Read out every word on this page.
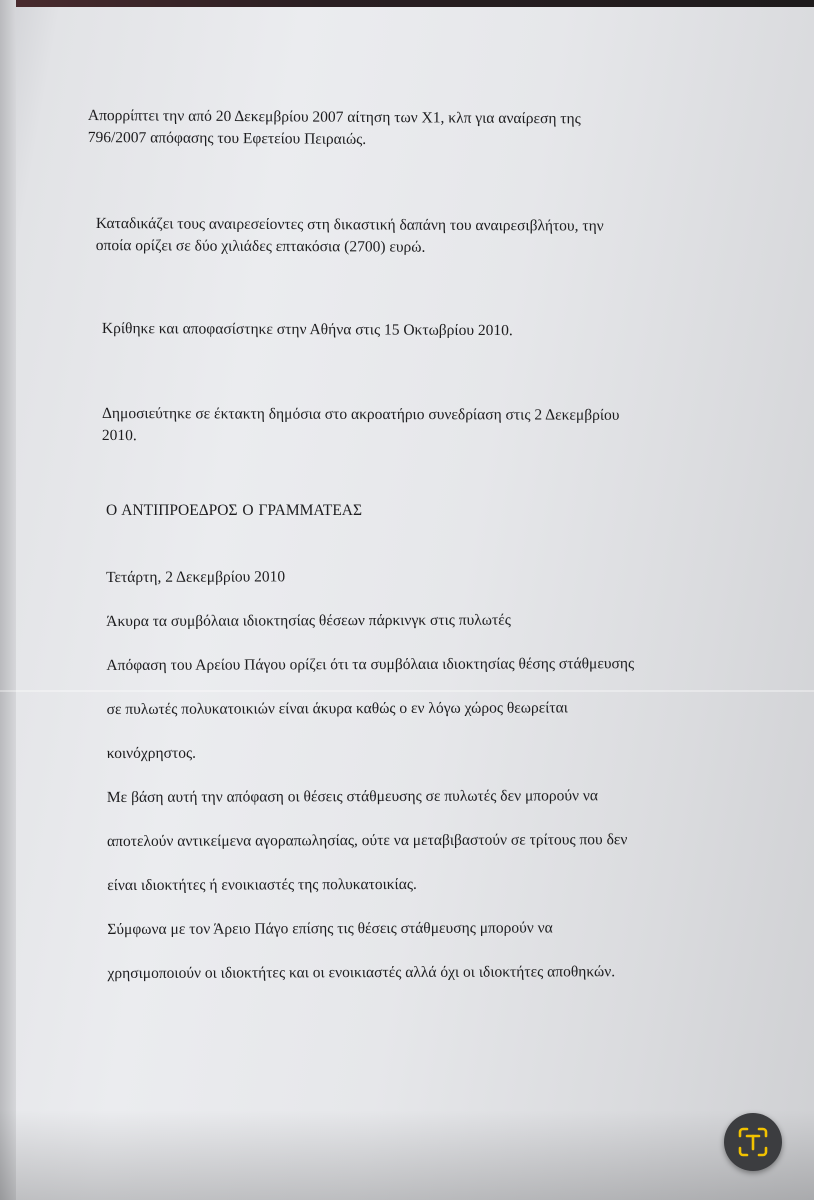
Απορρίπτει την από 20 Δεκεμβρίου 2007 αίτηση των Χ1, κλπ για αναίρεση της
796/2007 απόφασης του Εφετείου Πειραιώς.

Καταδικάζει τους αναιρεσείοντες στη δικαστική δαπάνη του αναιρεσιβλήτου, την
οποία ορίζει σε δύο χιλιάδες επτακόσια (2700) ευρώ.

Κρίθηκε και αποφασίστηκε στην Αθήνα στις 15 Οκτωβρίου 2010.

Δημοσιεύτηκε σε έκτακτη δημόσια στο ακροατήριο συνεδρίαση στις 2 Δεκεμβρίου
2010.

Ο ΑΝΤΙΠΡΟΕΔΡΟΣ Ο ΓΡΑΜΜΑΤΕΑΣ

Τετάρτη, 2 Δεκεμβρίου 2010

Άκυρα τα συμβόλαια ιδιοκτησίας θέσεων πάρκινγκ στις πυλωτές

Απόφαση του Αρείου Πάγου ορίζει ότι τα συμβόλαια ιδιοκτησίας θέσης στάθμευσης

σε πυλωτές πολυκατοικιών είναι άκυρα καθώς ο εν λόγω χώρος θεωρείται

κοινόχρηστος.

Με βάση αυτή την απόφαση οι θέσεις στάθμευσης σε πυλωτές δεν μπορούν να

αποτελούν αντικείμενα αγοραπωλησίας, ούτε να μεταβιβαστούν σε τρίτους που δεν

είναι ιδιοκτήτες ή ενοικιαστές της πολυκατοικίας.

Σύμφωνα με τον Άρειο Πάγο επίσης τις θέσεις στάθμευσης μπορούν να

χρησιμοποιούν οι ιδιοκτήτες και οι ενοικιαστές αλλά όχι οι ιδιοκτήτες αποθηκών.
